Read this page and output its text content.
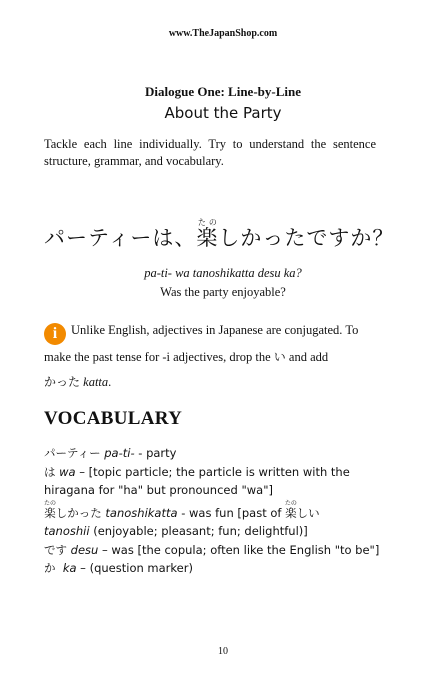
www.TheJapanShop.com
Dialogue One: Line-by-Line
About the Party
Tackle each line individually. Try to understand the sentence structure, grammar, and vocabulary.
パーティーは、楽たのしかったですか？
pa-ti- wa tanoshikatta desu ka?
Was the party enjoyable?
i Unlike English, adjectives in Japanese are conjugated. To make the past tense for -i adjectives, drop the い and add
かった katta.
VOCABULARY
パーティー pa-ti- - party
は wa – [topic particle; the particle is written with the hiragana for "ha" but pronounced "wa"]
楽たのしかった tanoshikatta - was fun [past of 楽たのしい
tanoshii (enjoyable; pleasant; fun; delightful)]
です desu – was [the copula; often like the English "to be"]
か ka – (question marker)
10
